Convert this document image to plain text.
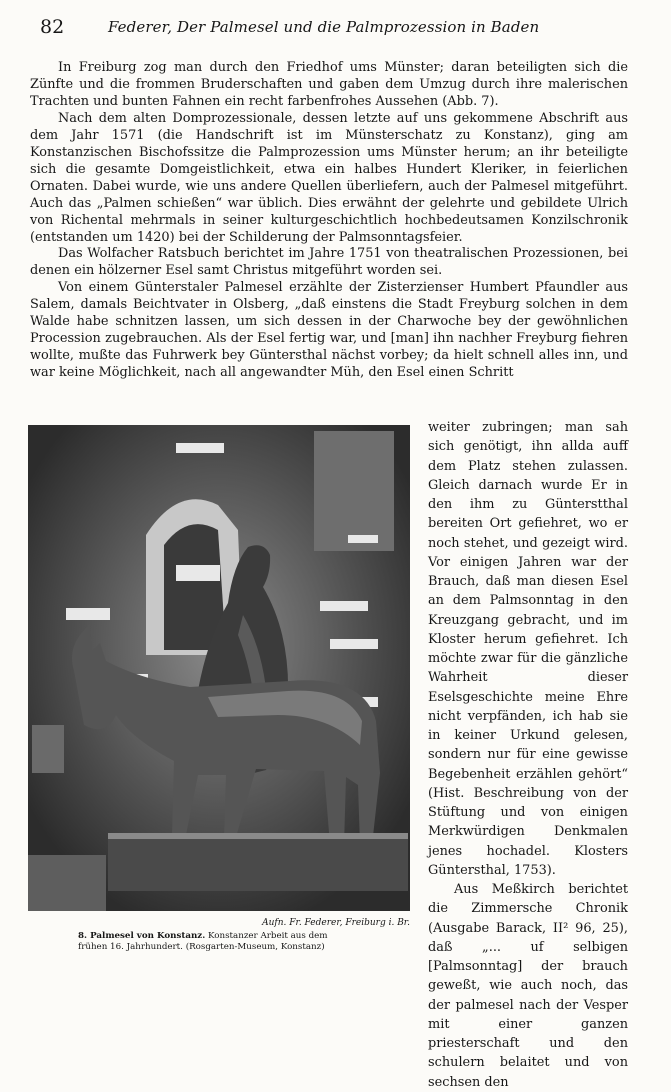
82	Federer, Der Palmesel und die Palmprozession in Baden

In Freiburg zog man durch den Friedhof ums Münster; daran beteiligten sich die Zünfte und die frommen Bruderschaften und gaben dem Umzug durch ihre malerischen Trachten und bunten Fahnen ein recht farbenfrohes Aussehen (Abb. 7).

Nach dem alten Domprozessionale, dessen letzte auf uns gekommene Abschrift aus dem Jahr 1571 (die Handschrift ist im Münsterschatz zu Konstanz), ging am Konstanzischen Bischofssitze die Palmprozession ums Münster herum; an ihr beteiligte sich die gesamte Domgeistlichkeit, etwa ein halbes Hundert Kleriker, in feierlichen Ornaten. Dabei wurde, wie uns andere Quellen überliefern, auch der Palmesel mitgeführt. Auch das „Palmen schießen“ war üblich. Dies erwähnt der gelehrte und gebildete Ulrich von Richental mehrmals in seiner kulturgeschichtlich hochbedeutsamen Konzilschronik (entstanden um 1420) bei der Schilderung der Palmsonntagsfeier.

Das Wolfacher Ratsbuch berichtet im Jahre 1751 von theatralischen Prozessionen, bei denen ein hölzerner Esel samt Christus mitgeführt worden sei.

Von einem Günterstaler Palmesel erzählte der Zisterzienser Humbert Pfaundler aus Salem, damals Beichtvater in Olsberg, „daß einstens die Stadt Freyburg solchen in dem Walde habe schnitzen lassen, um sich dessen in der Charwoche bey der gewöhnlichen Procession zugebrauchen. Als der Esel fertig war, und [man] ihn nachher Freyburg fiehren wollte, mußte das Fuhrwerk bey Güntersthal nächst vorbey; da hielt schnell alles inn, und war keine Möglichkeit, nach all angewandter Müh, den Esel einen Schritt

weiter zubringen; man sah sich genötigt, ihn allda auff dem Platz stehen zulassen. Gleich darnach wurde Er in den ihm zu Günterstthal bereiten Ort gefiehret, wo er noch stehet, und gezeigt wird. Vor einigen Jahren war der Brauch, daß man diesen Esel an dem Palmsonntag in den Kreuzgang gebracht, und im Kloster herum gefiehret. Ich möchte zwar für die gänzliche Wahrheit dieser Eselsgeschichte meine Ehre nicht verpfänden, ich hab sie in keiner Urkund gelesen, sondern nur für eine gewisse Begebenheit erzählen gehört“ (Hist. Beschreibung von der Stüftung und von einigen Merkwürdigen Denkmalen jenes hochadel. Klosters Güntersthal, 1753).

Aus Meßkirch berichtet die Zimmersche Chronik (Ausgabe Barack, II² 96, 25), daß „... uf selbigen [Palmsonntag] der brauch geweßt, wie auch noch, das der palmesel nach der Vesper mit einer ganzen priesterschaft und den schulern belaitet und von sechsen den

Aufn. Fr. Federer, Freiburg i. Br.
8. Palmesel von Konstanz. Konstanzer Arbeit aus dem
frühen 16. Jahrhundert. (Rosgarten-Museum, Konstanz)
